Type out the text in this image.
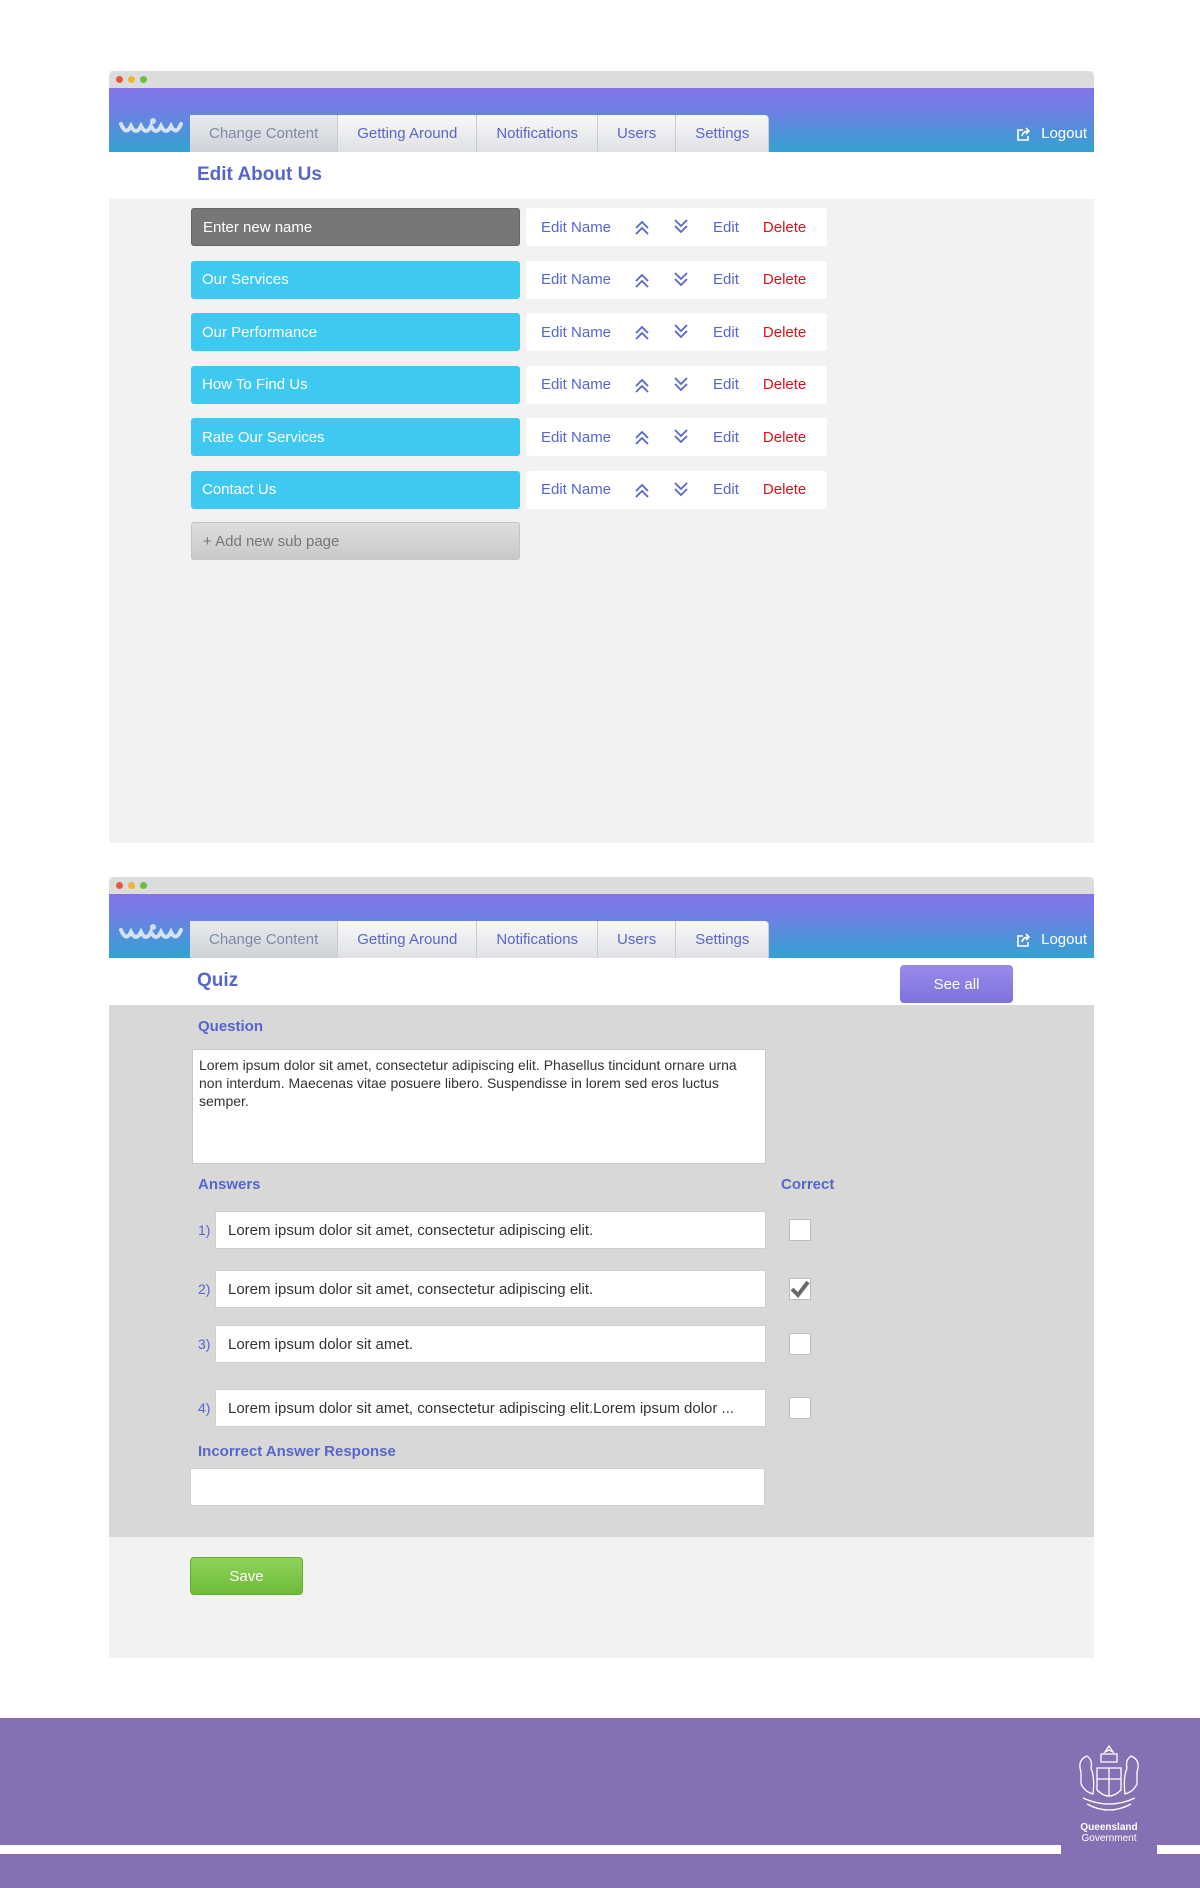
Change Content	Getting Around	Notifications	Users	Settings	Logout
Edit About Us
Enter new name	Edit Name	Edit Delete
Our Services	Edit Name	Edit Delete
Our Performance	Edit Name	Edit Delete
How To Find Us	Edit Name	Edit Delete
Rate Our Services	Edit Name	Edit Delete
Contact Us	Edit Name	Edit Delete
+ Add new sub page
Change Content	Getting Around	Notifications	Users	Settings	Logout
Quiz	See all
Question
Lorem ipsum dolor sit amet, consectetur adipiscing elit. Phasellus tincidunt ornare urna non interdum. Maecenas vitae posuere libero. Suspendisse in lorem sed eros luctus semper.
Answers	Correct
1)	Lorem ipsum dolor sit amet, consectetur adipiscing elit.
2)	Lorem ipsum dolor sit amet, consectetur adipiscing elit.
3)	Lorem ipsum dolor sit amet.
4)	Lorem ipsum dolor sit amet, consectetur adipiscing elit.Lorem ipsum dolor ...
Incorrect Answer Response
Save
Queensland
Government
